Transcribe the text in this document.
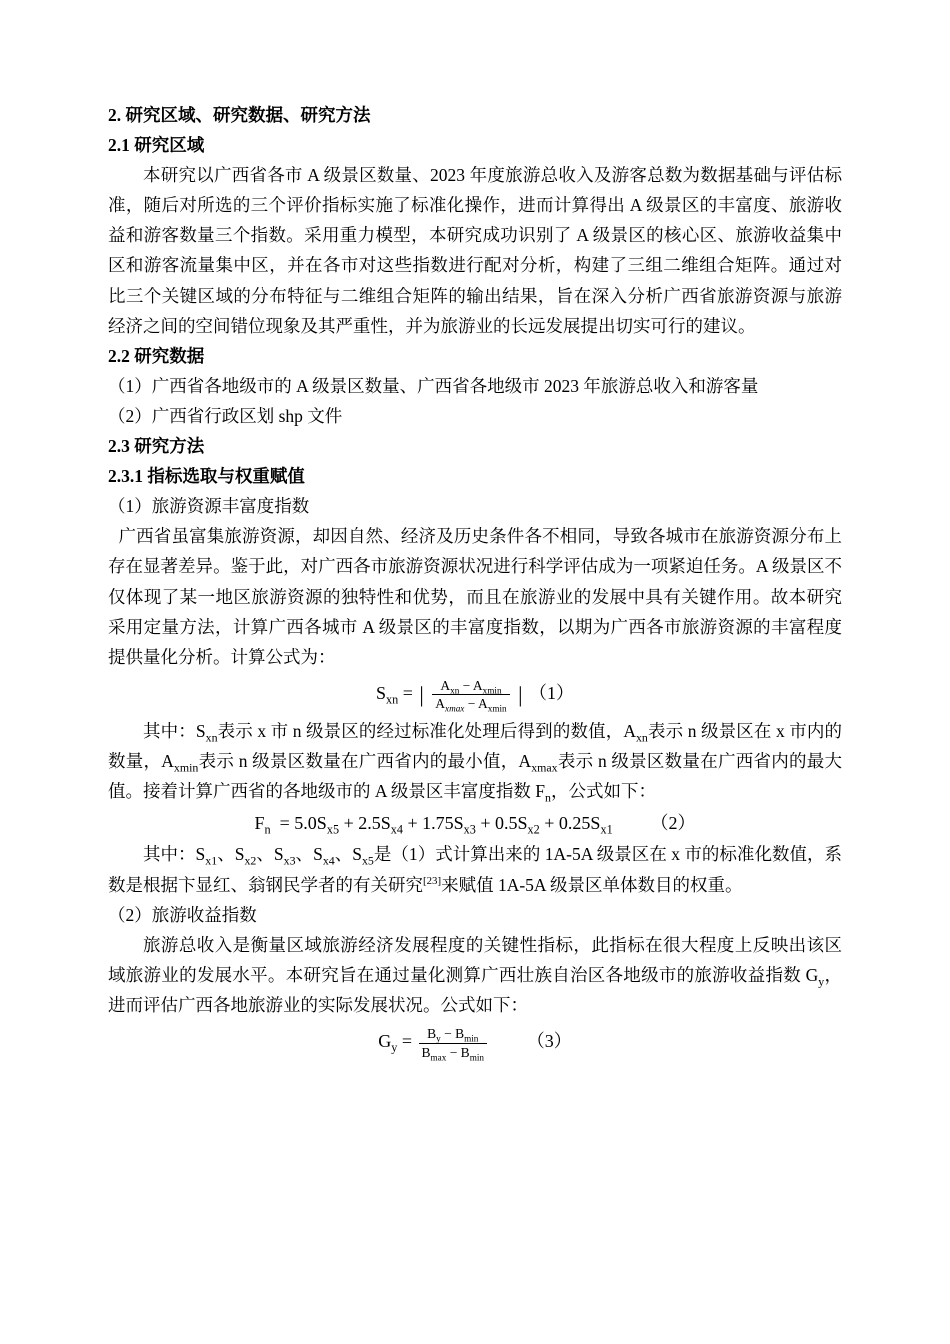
2. 研究区域、研究数据、研究方法

2.1 研究区域

本研究以广西省各市 A 级景区数量、2023 年度旅游总收入及游客总数为数据基础与评估标准，随后对所选的三个评价指标实施了标准化操作，进而计算得出 A 级景区的丰富度、旅游收益和游客数量三个指数。采用重力模型，本研究成功识别了 A 级景区的核心区、旅游收益集中区和游客流量集中区，并在各市对这些指数进行配对分析，构建了三组二维组合矩阵。通过对比三个关键区域的分布特征与二维组合矩阵的输出结果，旨在深入分析广西省旅游资源与旅游经济之间的空间错位现象及其严重性，并为旅游业的长远发展提出切实可行的建议。

2.2 研究数据

（1）广西省各地级市的 A 级景区数量、广西省各地级市 2023 年旅游总收入和游客量

（2）广西省行政区划 shp 文件

2.3 研究方法

2.3.1 指标选取与权重赋值

（1）旅游资源丰富度指数

广西省虽富集旅游资源，却因自然、经济及历史条件各不相同，导致各城市在旅游资源分布上存在显著差异。鉴于此，对广西各市旅游资源状况进行科学评估成为一项紧迫任务。A 级景区不仅体现了某一地区旅游资源的独特性和优势，而且在旅游业的发展中具有关键作用。故本研究采用定量方法，计算广西各城市 A 级景区的丰富度指数，以期为广西各市旅游资源的丰富程度提供量化分析。计算公式为：

$S_{xn}$ = | $\frac{A_{xn} - A_{xmin}}{A_{xmax} - A_{xmin}}$ | （1）

其中：$S_{xn}$表示 x 市 n 级景区的经过标准化处理后得到的数值，$A_{xn}$表示 n 级景区在 x 市内的数量，$A_{xmin}$表示 n 级景区数量在广西省内的最小值，$A_{xmax}$表示 n 级景区数量在广西省内的最大值。接着计算广西省的各地级市的 A 级景区丰富度指数 $F_n$，公式如下：

$F_n = 5.0S_{x5} + 2.5S_{x4} + 1.75S_{x3} + 0.5S_{x2} + 0.25S_{x1}$ （2）

其中：$S_{x1}$、$S_{x2}$、$S_{x3}$、$S_{x4}$、$S_{x5}$是（1）式计算出来的 1A-5A 级景区在 x 市的标准化数值，系数是根据卞显红、翁钢民学者的有关研究[23]来赋值 1A-5A 级景区单体数目的权重。

（2）旅游收益指数

旅游总收入是衡量区域旅游经济发展程度的关键性指标，此指标在很大程度上反映出该区域旅游业的发展水平。本研究旨在通过量化测算广西壮族自治区各地级市的旅游收益指数 $G_y$，进而评估广西各地旅游业的实际发展状况。公式如下：

$G_y = \frac{B_y - B_{min}}{B_{max} - B_{min}} (3)$
